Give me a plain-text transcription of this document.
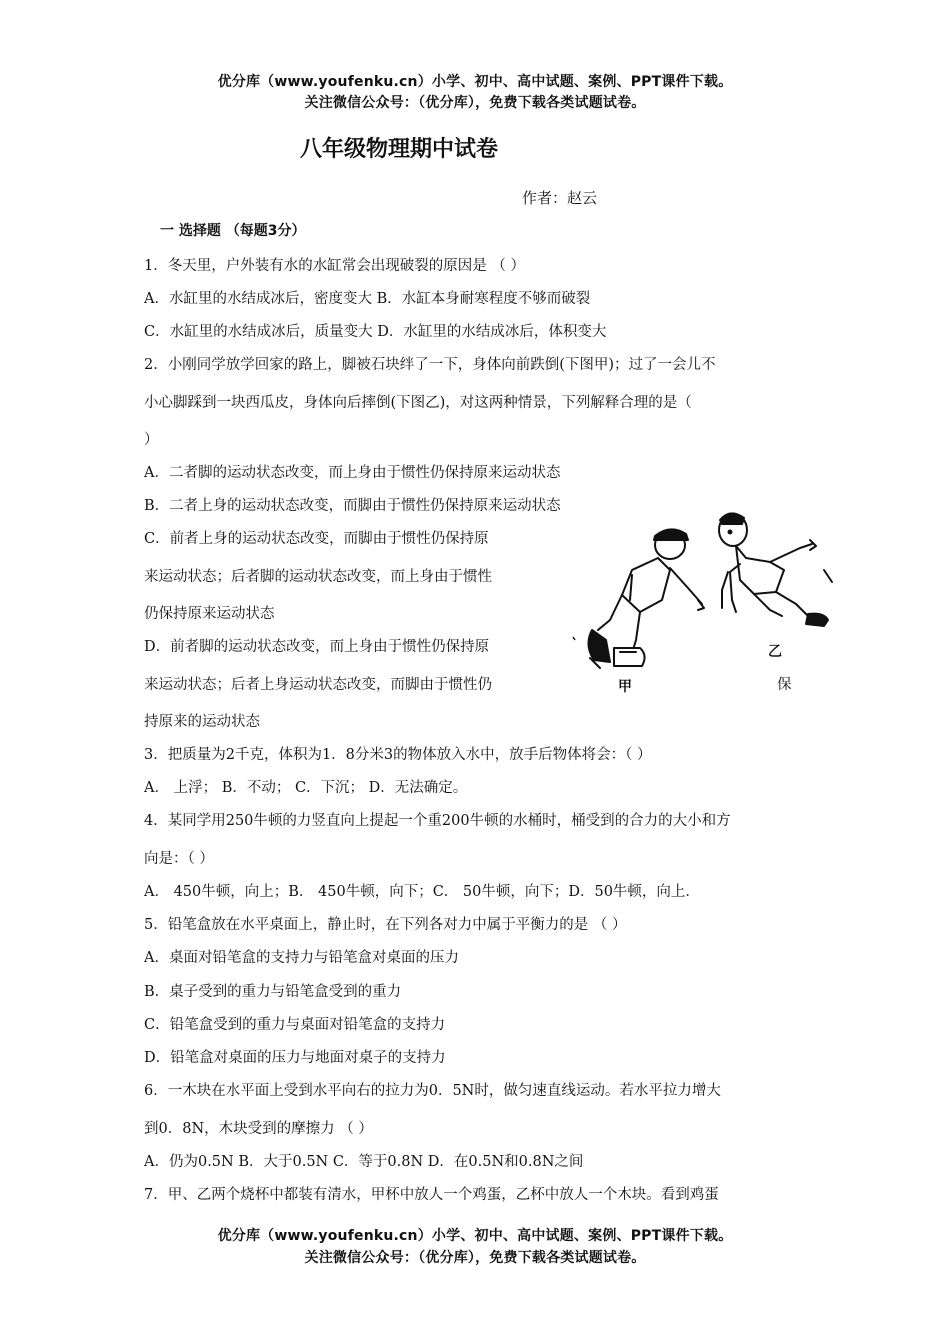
优分库（www.youfenku.cn）小学、初中、高中试题、案例、PPT课件下载。
关注微信公众号：（优分库），免费下载各类试题试卷。
八年级物理期中试卷
作者：赵云
一 选择题 （每题3分）
1．冬天里，户外装有水的水缸常会出现破裂的原因是 （ ）
A．水缸里的水结成冰后，密度变大 B．水缸本身耐寒程度不够而破裂
C．水缸里的水结成冰后，质量变大 D．水缸里的水结成冰后，体积变大
2．小刚同学放学回家的路上，脚被石块绊了一下，身体向前跌倒(下图甲)；过了一会儿不
小心脚踩到一块西瓜皮，身体向后摔倒(下图乙)，对这两种情景，下列解释合理的是（
）
A．二者脚的运动状态改变，而上身由于惯性仍保持原来运动状态
B．二者上身的运动状态改变，而脚由于惯性仍保持原来运动状态
C．前者上身的运动状态改变，而脚由于惯性仍保持原
来运动状态；后者脚的运动状态改变，而上身由于惯性
仍保持原来运动状态
D．前者脚的运动状态改变，而上身由于惯性仍保持原
来运动状态；后者上身运动状态改变，而脚由于惯性仍
持原来的运动状态
3．把质量为2千克，体积为1．8分米3的物体放入水中，放手后物体将会：（ ）
A． 上浮； B．不动； C．下沉； D．无法确定。
4．某同学用250牛顿的力竖直向上提起一个重200牛顿的水桶时，桶受到的合力的大小和方
向是：（ ）
A． 450牛顿，向上；B． 450牛顿，向下；C． 50牛顿，向下；D．50牛顿，向上．
5．铅笔盒放在水平桌面上，静止时，在下列各对力中属于平衡力的是 （ ）
A．桌面对铅笔盒的支持力与铅笔盒对桌面的压力
B．桌子受到的重力与铅笔盒受到的重力
C．铅笔盒受到的重力与桌面对铅笔盒的支持力
D．铅笔盒对桌面的压力与地面对桌子的支持力
6．一木块在水平面上受到水平向右的拉力为0．5N时，做匀速直线运动。若水平拉力增大
到0．8N，木块受到的摩擦力 （ ）
A．仍为0.5N B．大于0.5N C．等于0.8N D．在0.5N和0.8N之间
7．甲、乙两个烧杯中都装有清水，甲杯中放人一个鸡蛋，乙杯中放人一个木块。看到鸡蛋
甲
乙
保
优分库（www.youfenku.cn）小学、初中、高中试题、案例、PPT课件下载。
关注微信公众号：（优分库），免费下载各类试题试卷。
